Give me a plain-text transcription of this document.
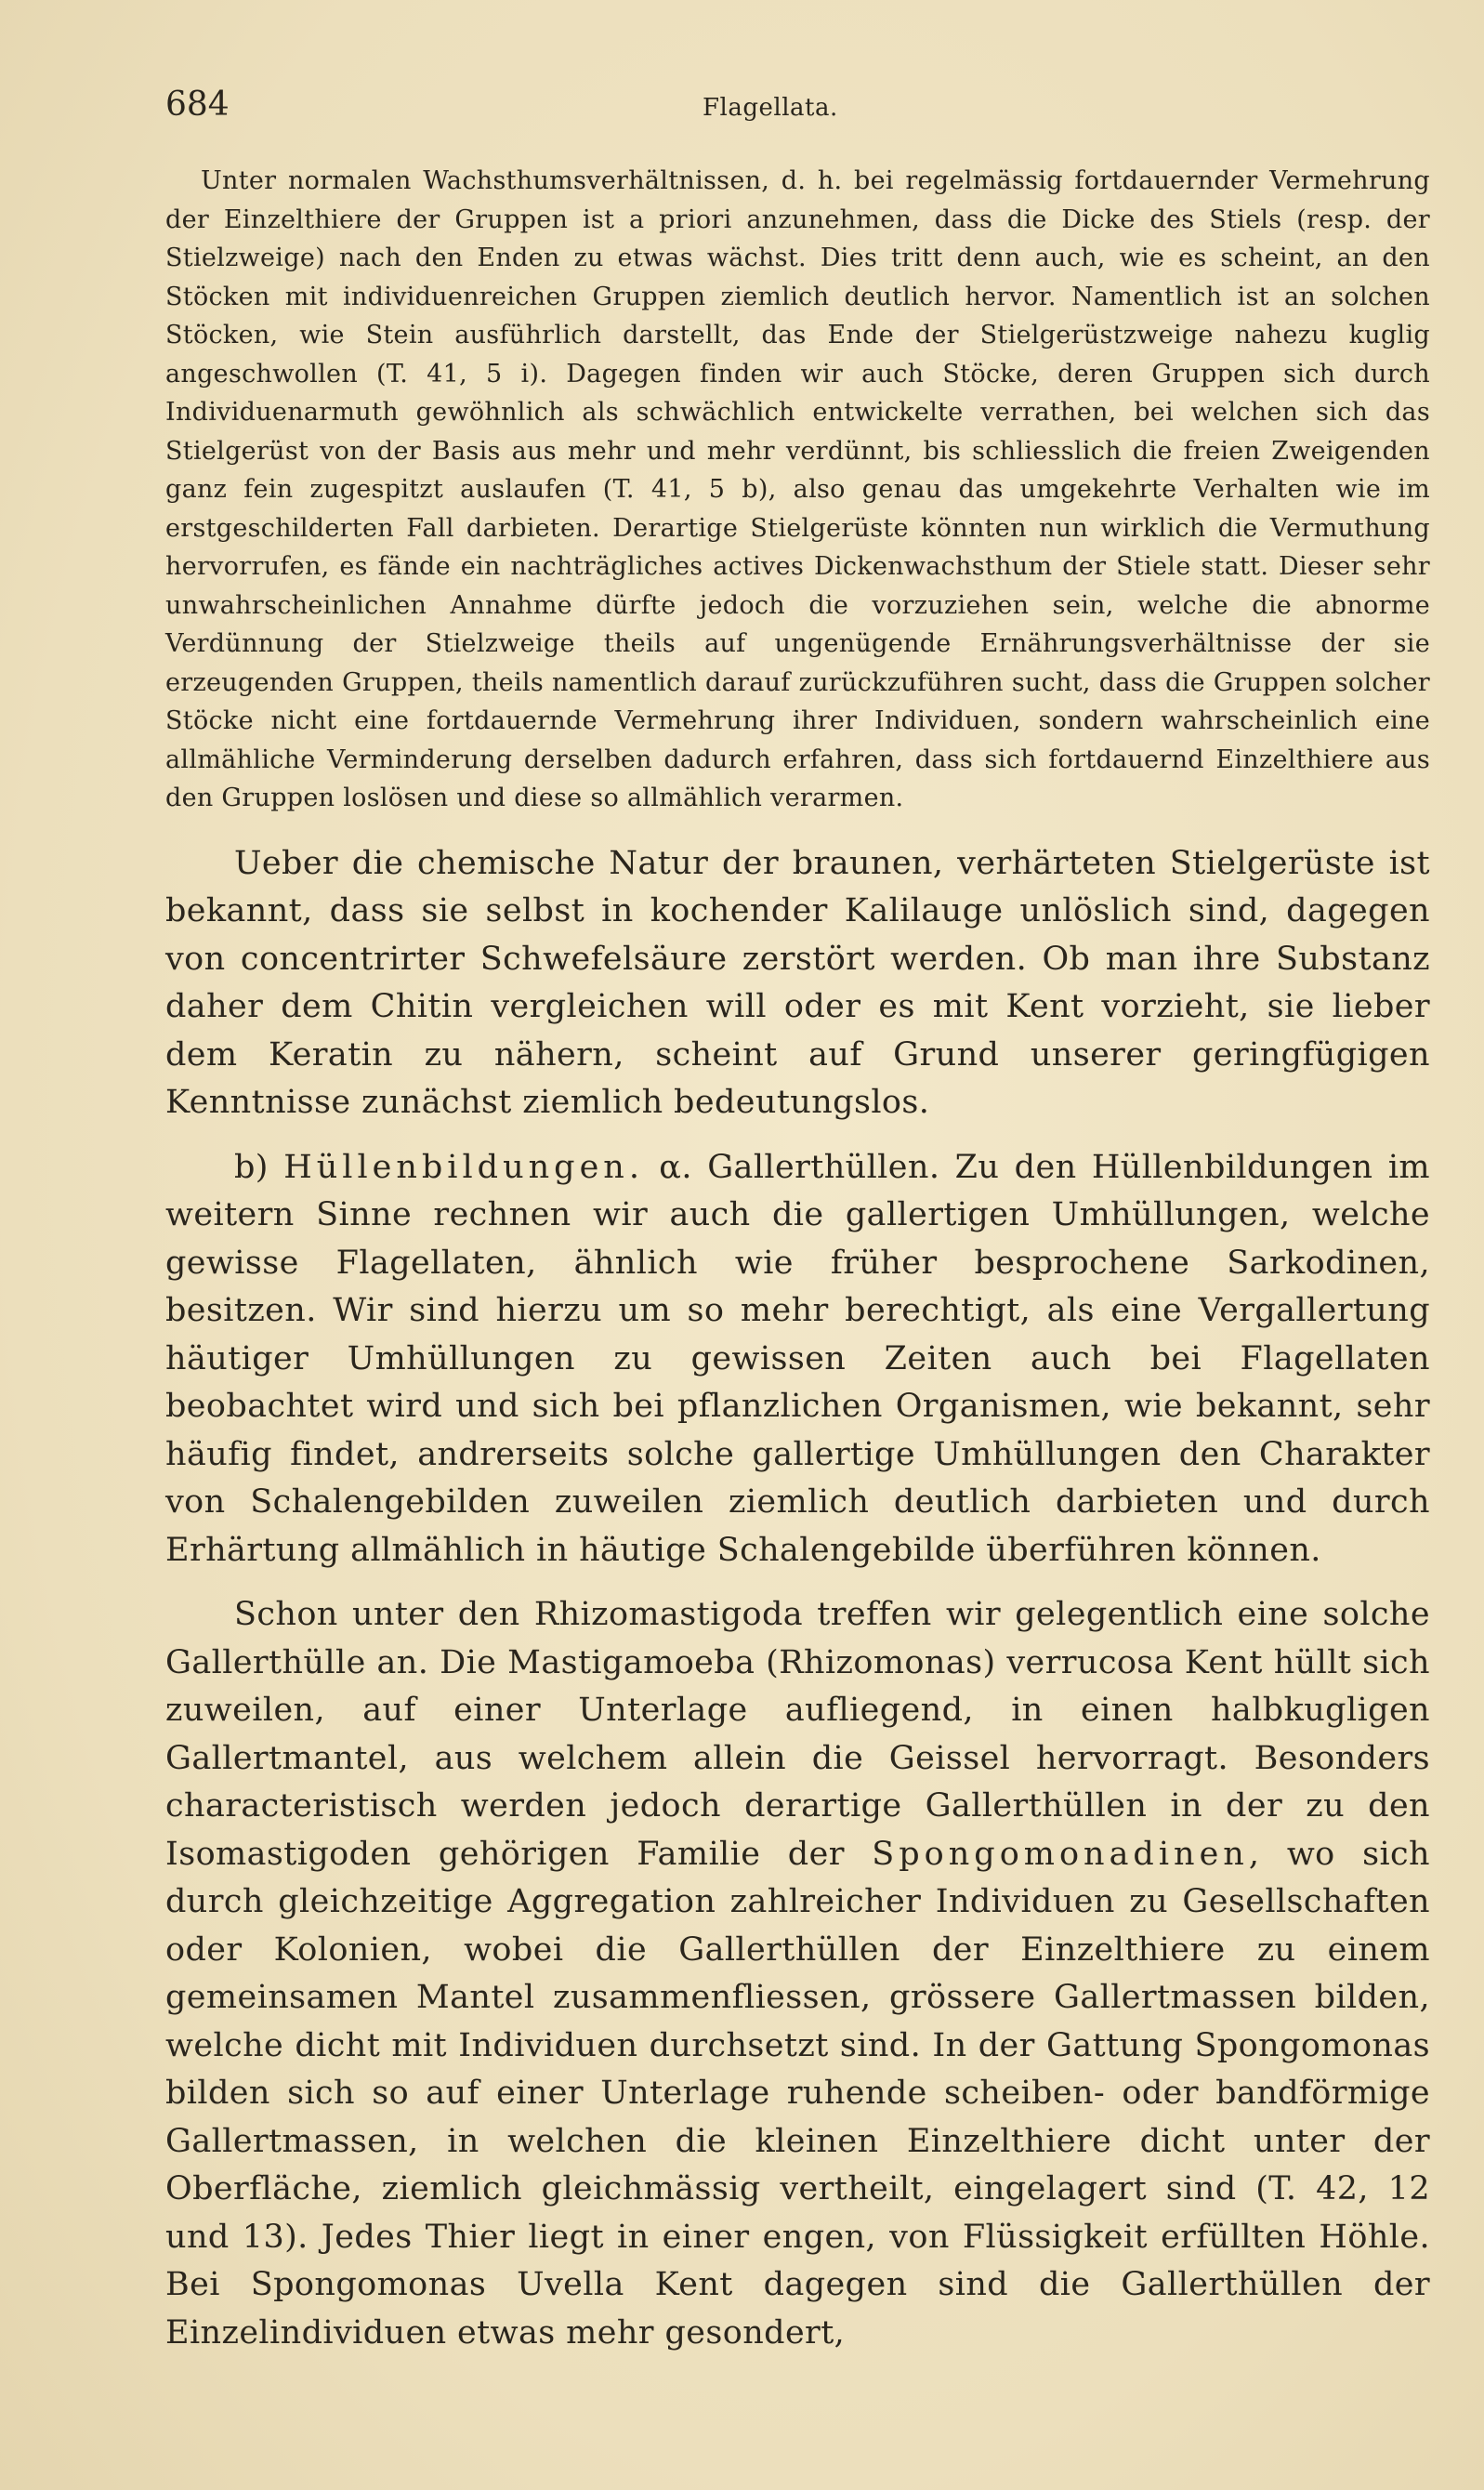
684	Flagellata.

Unter normalen Wachsthumsverhältnissen, d. h. bei regelmässig fortdauernder Vermehrung der Einzelthiere der Gruppen ist a priori anzunehmen, dass die Dicke des Stiels (resp. der Stielzweige) nach den Enden zu etwas wächst. Dies tritt denn auch, wie es scheint, an den Stöcken mit individuenreichen Gruppen ziemlich deutlich hervor. Namentlich ist an solchen Stöcken, wie Stein ausführlich darstellt, das Ende der Stielgerüstzweige nahezu kuglig angeschwollen (T. 41, 5 i). Dagegen finden wir auch Stöcke, deren Gruppen sich durch Individuenarmuth gewöhnlich als schwächlich entwickelte verrathen, bei welchen sich das Stielgerüst von der Basis aus mehr und mehr verdünnt, bis schliesslich die freien Zweigenden ganz fein zugespitzt auslaufen (T. 41, 5 b), also genau das umgekehrte Verhalten wie im erstgeschilderten Fall darbieten. Derartige Stielgerüste könnten nun wirklich die Vermuthung hervorrufen, es fände ein nachträgliches actives Dickenwachsthum der Stiele statt. Dieser sehr unwahrscheinlichen Annahme dürfte jedoch die vorzuziehen sein, welche die abnorme Verdünnung der Stielzweige theils auf ungenügende Ernährungsverhältnisse der sie erzeugenden Gruppen, theils namentlich darauf zurückzuführen sucht, dass die Gruppen solcher Stöcke nicht eine fortdauernde Vermehrung ihrer Individuen, sondern wahrscheinlich eine allmähliche Verminderung derselben dadurch erfahren, dass sich fortdauernd Einzelthiere aus den Gruppen loslösen und diese so allmählich verarmen.

Ueber die chemische Natur der braunen, verhärteten Stielgerüste ist bekannt, dass sie selbst in kochender Kalilauge unlöslich sind, dagegen von concentrirter Schwefelsäure zerstört werden. Ob man ihre Substanz daher dem Chitin vergleichen will oder es mit Kent vorzieht, sie lieber dem Keratin zu nähern, scheint auf Grund unserer geringfügigen Kenntnisse zunächst ziemlich bedeutungslos.

b) Hüllenbildungen. α. Gallerthüllen. Zu den Hüllenbildungen im weitern Sinne rechnen wir auch die gallertigen Umhüllungen, welche gewisse Flagellaten, ähnlich wie früher besprochene Sarkodinen, besitzen. Wir sind hierzu um so mehr berechtigt, als eine Vergallertung häutiger Umhüllungen zu gewissen Zeiten auch bei Flagellaten beobachtet wird und sich bei pflanzlichen Organismen, wie bekannt, sehr häufig findet, andrerseits solche gallertige Umhüllungen den Charakter von Schalengebilden zuweilen ziemlich deutlich darbieten und durch Erhärtung allmählich in häutige Schalengebilde überführen können.

Schon unter den Rhizomastigoda treffen wir gelegentlich eine solche Gallerthülle an. Die Mastigamoeba (Rhizomonas) verrucosa Kent hüllt sich zuweilen, auf einer Unterlage aufliegend, in einen halbkugligen Gallertmantel, aus welchem allein die Geissel hervorragt. Besonders characteristisch werden jedoch derartige Gallerthüllen in der zu den Isomastigoden gehörigen Familie der Spongomonadinen, wo sich durch gleichzeitige Aggregation zahlreicher Individuen zu Gesellschaften oder Kolonien, wobei die Gallerthüllen der Einzelthiere zu einem gemeinsamen Mantel zusammenfliessen, grössere Gallertmassen bilden, welche dicht mit Individuen durchsetzt sind. In der Gattung Spongomonas bilden sich so auf einer Unterlage ruhende scheiben- oder bandförmige Gallertmassen, in welchen die kleinen Einzelthiere dicht unter der Oberfläche, ziemlich gleichmässig vertheilt, eingelagert sind (T. 42, 12 und 13). Jedes Thier liegt in einer engen, von Flüssigkeit erfüllten Höhle. Bei Spongomonas Uvella Kent dagegen sind die Gallerthüllen der Einzelindividuen etwas mehr gesondert,
